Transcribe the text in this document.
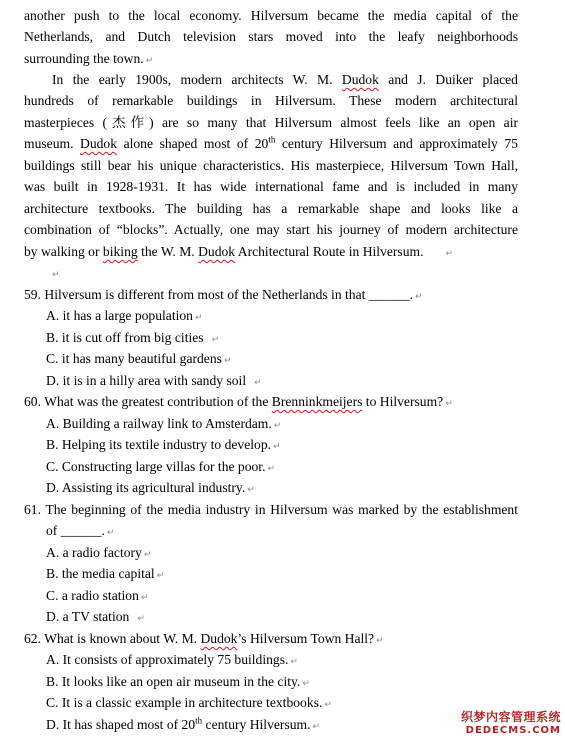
another push to the local economy. Hilversum became the media capital of the
Netherlands, and Dutch television stars moved into the leafy neighborhoods
surrounding the town. ↵
In the early 1900s, modern architects W. M. Dudok and J. Duiker placed
hundreds of remarkable buildings in Hilversum. These modern architectural
masterpieces (杰作) are so many that Hilversum almost feels like an open air
museum. Dudok alone shaped most of 20th century Hilversum and approximately 75
buildings still bear his unique characteristics. His masterpiece, Hilversum Town Hall,
was built in 1928-1931. It has wide international fame and is included in many
architecture textbooks. The building has a remarkable shape and looks like a
combination of “blocks”. Actually, one may start his journey of modern architecture
by walking or biking the W. M. Dudok Architectural Route in Hilversum. ↵
↵
59. Hilversum is different from most of the Netherlands in that ______. ↵
A. it has a large population ↵
B. it is cut off from big cities ↵
C. it has many beautiful gardens ↵
D. it is in a hilly area with sandy soil ↵
60. What was the greatest contribution of the Brenninkmeijers to Hilversum? ↵
A. Building a railway link to Amsterdam. ↵
B. Helping its textile industry to develop. ↵
C. Constructing large villas for the poor. ↵
D. Assisting its agricultural industry. ↵
61. The beginning of the media industry in Hilversum was marked by the establishment
of ______. ↵
A. a radio factory ↵
B. the media capital ↵
C. a radio station ↵
D. a TV station ↵
62. What is known about W. M. Dudok’s Hilversum Town Hall? ↵
A. It consists of approximately 75 buildings. ↵
B. It looks like an open air museum in the city. ↵
C. It is a classic example in architecture textbooks. ↵
D. It has shaped most of 20th century Hilversum. ↵
织梦内容管理系统
DEDECMS.COM
